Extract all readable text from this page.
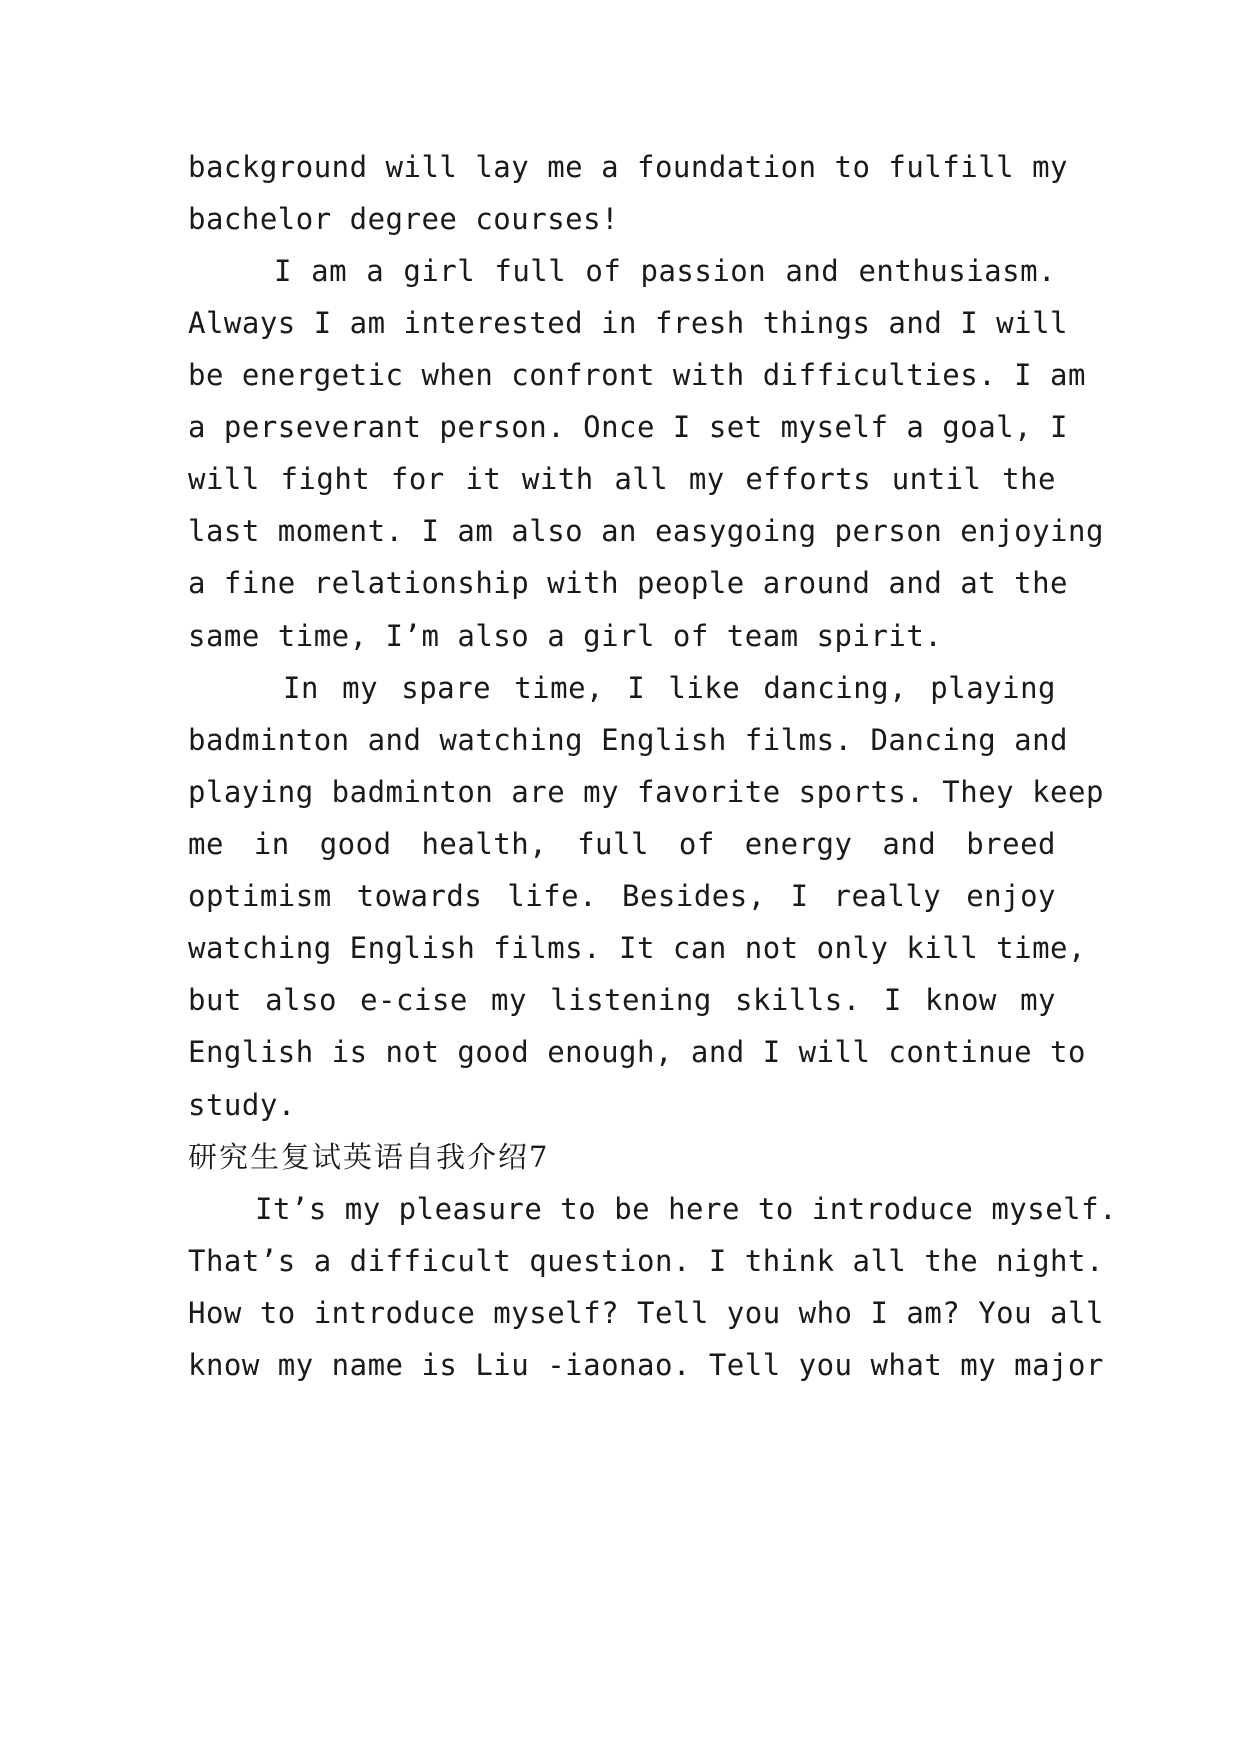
background will lay me a foundation to fulfill my
bachelor degree courses!
I am a girl full of passion and enthusiasm.
Always I am interested in fresh things and I will
be energetic when confront with difficulties. I am
a perseverant person. Once I set myself a goal, I
will fight for it with all my efforts until the
last moment. I am also an easygoing person enjoying
a fine relationship with people around and at the
same time, I’m also a girl of team spirit.
In my spare time, I like dancing, playing
badminton and watching English films. Dancing and
playing badminton are my favorite sports. They keep
me in good health, full of energy and breed
optimism towards life. Besides, I really enjoy
watching English films. It can not only kill time,
but also e-cise my listening skills. I know my
English is not good enough, and I will continue to
study.
研究生复试英语自我介绍7
It’s my pleasure to be here to introduce myself.
That’s a difficult question. I think all the night.
How to introduce myself? Tell you who I am? You all
know my name is Liu -iaonao. Tell you what my major
